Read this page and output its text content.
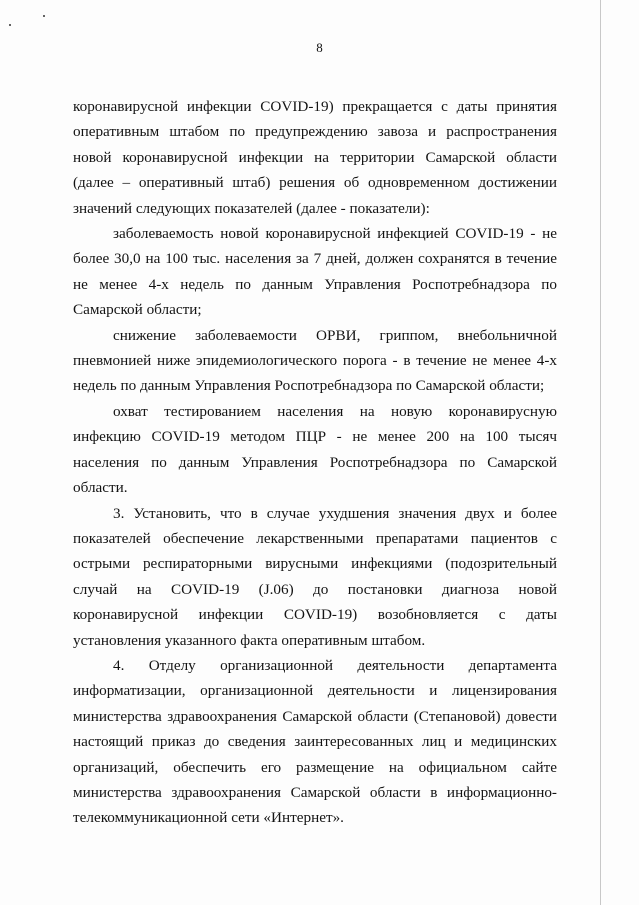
8

коронавирусной инфекции COVID-19) прекращается с даты принятия оперативным штабом по предупреждению завоза и распространения новой коронавирусной инфекции на территории Самарской области (далее – оперативный штаб) решения об одновременном достижении значений следующих показателей (далее - показатели):

заболеваемость новой коронавирусной инфекцией COVID-19 - не более 30,0 на 100 тыс. населения за 7 дней, должен сохранятся в течение не менее 4-х недель по данным Управления Роспотребнадзора по Самарской области;

снижение заболеваемости ОРВИ, гриппом, внебольничной пневмонией ниже эпидемиологического порога - в течение не менее 4-х недель по данным Управления Роспотребнадзора по Самарской области;

охват тестированием населения на новую коронавирусную инфекцию COVID-19 методом ПЦР - не менее 200 на 100 тысяч населения по данным Управления Роспотребнадзора по Самарской области.

3. Установить, что в случае ухудшения значения двух и более показателей обеспечение лекарственными препаратами пациентов с острыми респираторными вирусными инфекциями (подозрительный случай на COVID-19 (J.06) до постановки диагноза новой коронавирусной инфекции COVID-19) возобновляется с даты установления указанного факта оперативным штабом.

4. Отделу организационной деятельности департамента информатизации, организационной деятельности и лицензирования министерства здравоохранения Самарской области (Степановой) довести настоящий приказ до сведения заинтересованных лиц и медицинских организаций, обеспечить его размещение на официальном сайте министерства здравоохранения Самарской области в информационно-телекоммуникационной сети «Интернет».
